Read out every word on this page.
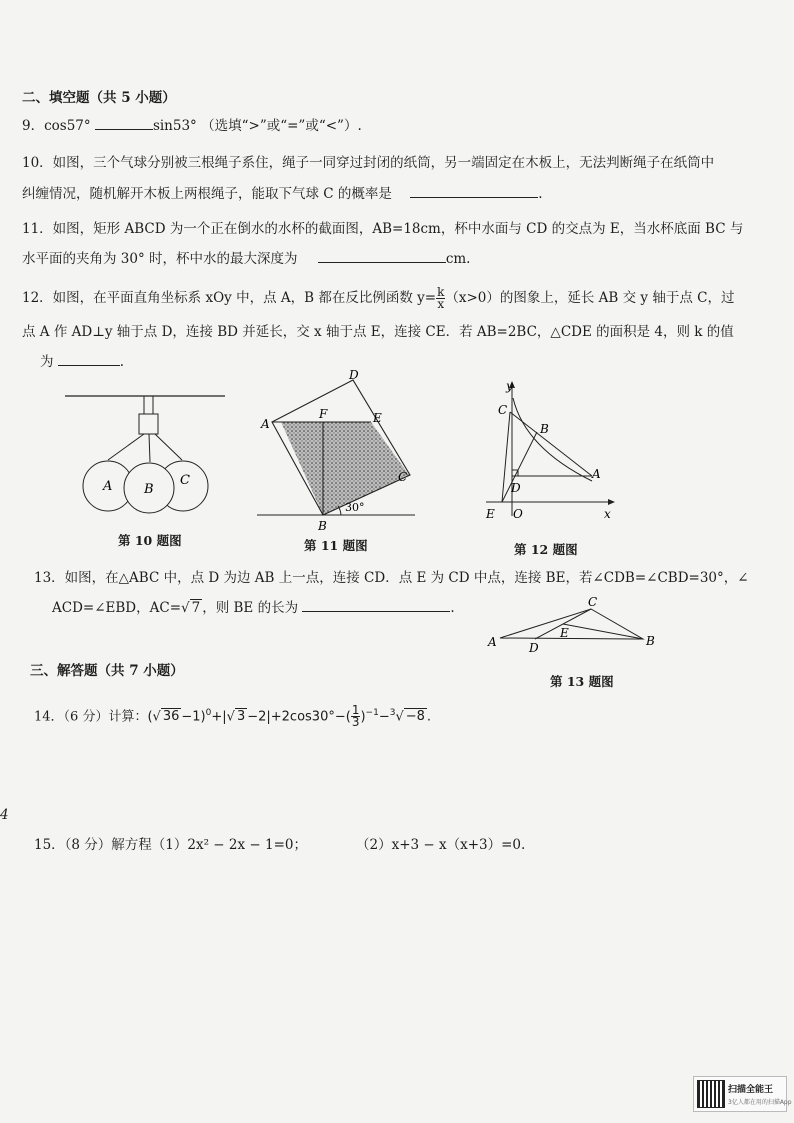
二、填空题（共 5 小题）
9．cos57°	sin53° （选填“>”或“=”或“<”）.
10．如图，三个气球分别被三根绳子系住，绳子一同穿过封闭的纸筒，另一端固定在木板上，无法判断绳子在纸筒中
纠缠情况，随机解开木板上两根绳子，能取下气球 C 的概率是	.
11．如图，矩形 ABCD 为一个正在倒水的水杯的截面图，AB=18cm，杯中水面与 CD 的交点为 E，当水杯底面 BC 与
水平面的夹角为 30° 时，杯中水的最大深度为	cm.
12．如图，在平面直角坐标系 xOy 中，点 A，B 都在反比例函数 $y= \frac{k}{x} (x>0)$的图象上，延长 AB 交 y 轴于点 C，过
点 A 作 AD⊥y 轴于点 D，连接 BD 并延长，交 x 轴于点 E，连接 CE．若 AB=2BC，△CDE 的面积是 4，则 k 的值
为	.
A B
C
第 10 题图
D
F	E
A
C
B
30°
第 11 题图
y
C
B
A
D
E O	x
第 12 题图
13．如图，在△ABC 中，点 D 为边 AB 上一点，连接 CD．点 E 为 CD 中点，连接 BE，若∠CDB=∠CBD=30°，∠
ACD=∠EBD，AC=√ 7 ，则 BE 的长为	.	C
E
A	D	B
第 13 题图
三、解答题（共 7 小题）
14．（6 分）计算：(√ 36 −1)$^0$+|√ $3 -2|+2\cos 30^\circ-( \frac{1}{3} )^{-1}-^3√ -8$ .
4
15．（8 分）解方程（1）2x² − 2x − 1=0；	（2）x+3 − x（x+3）=0.
扫描全能王
3亿人都在用的扫描App
